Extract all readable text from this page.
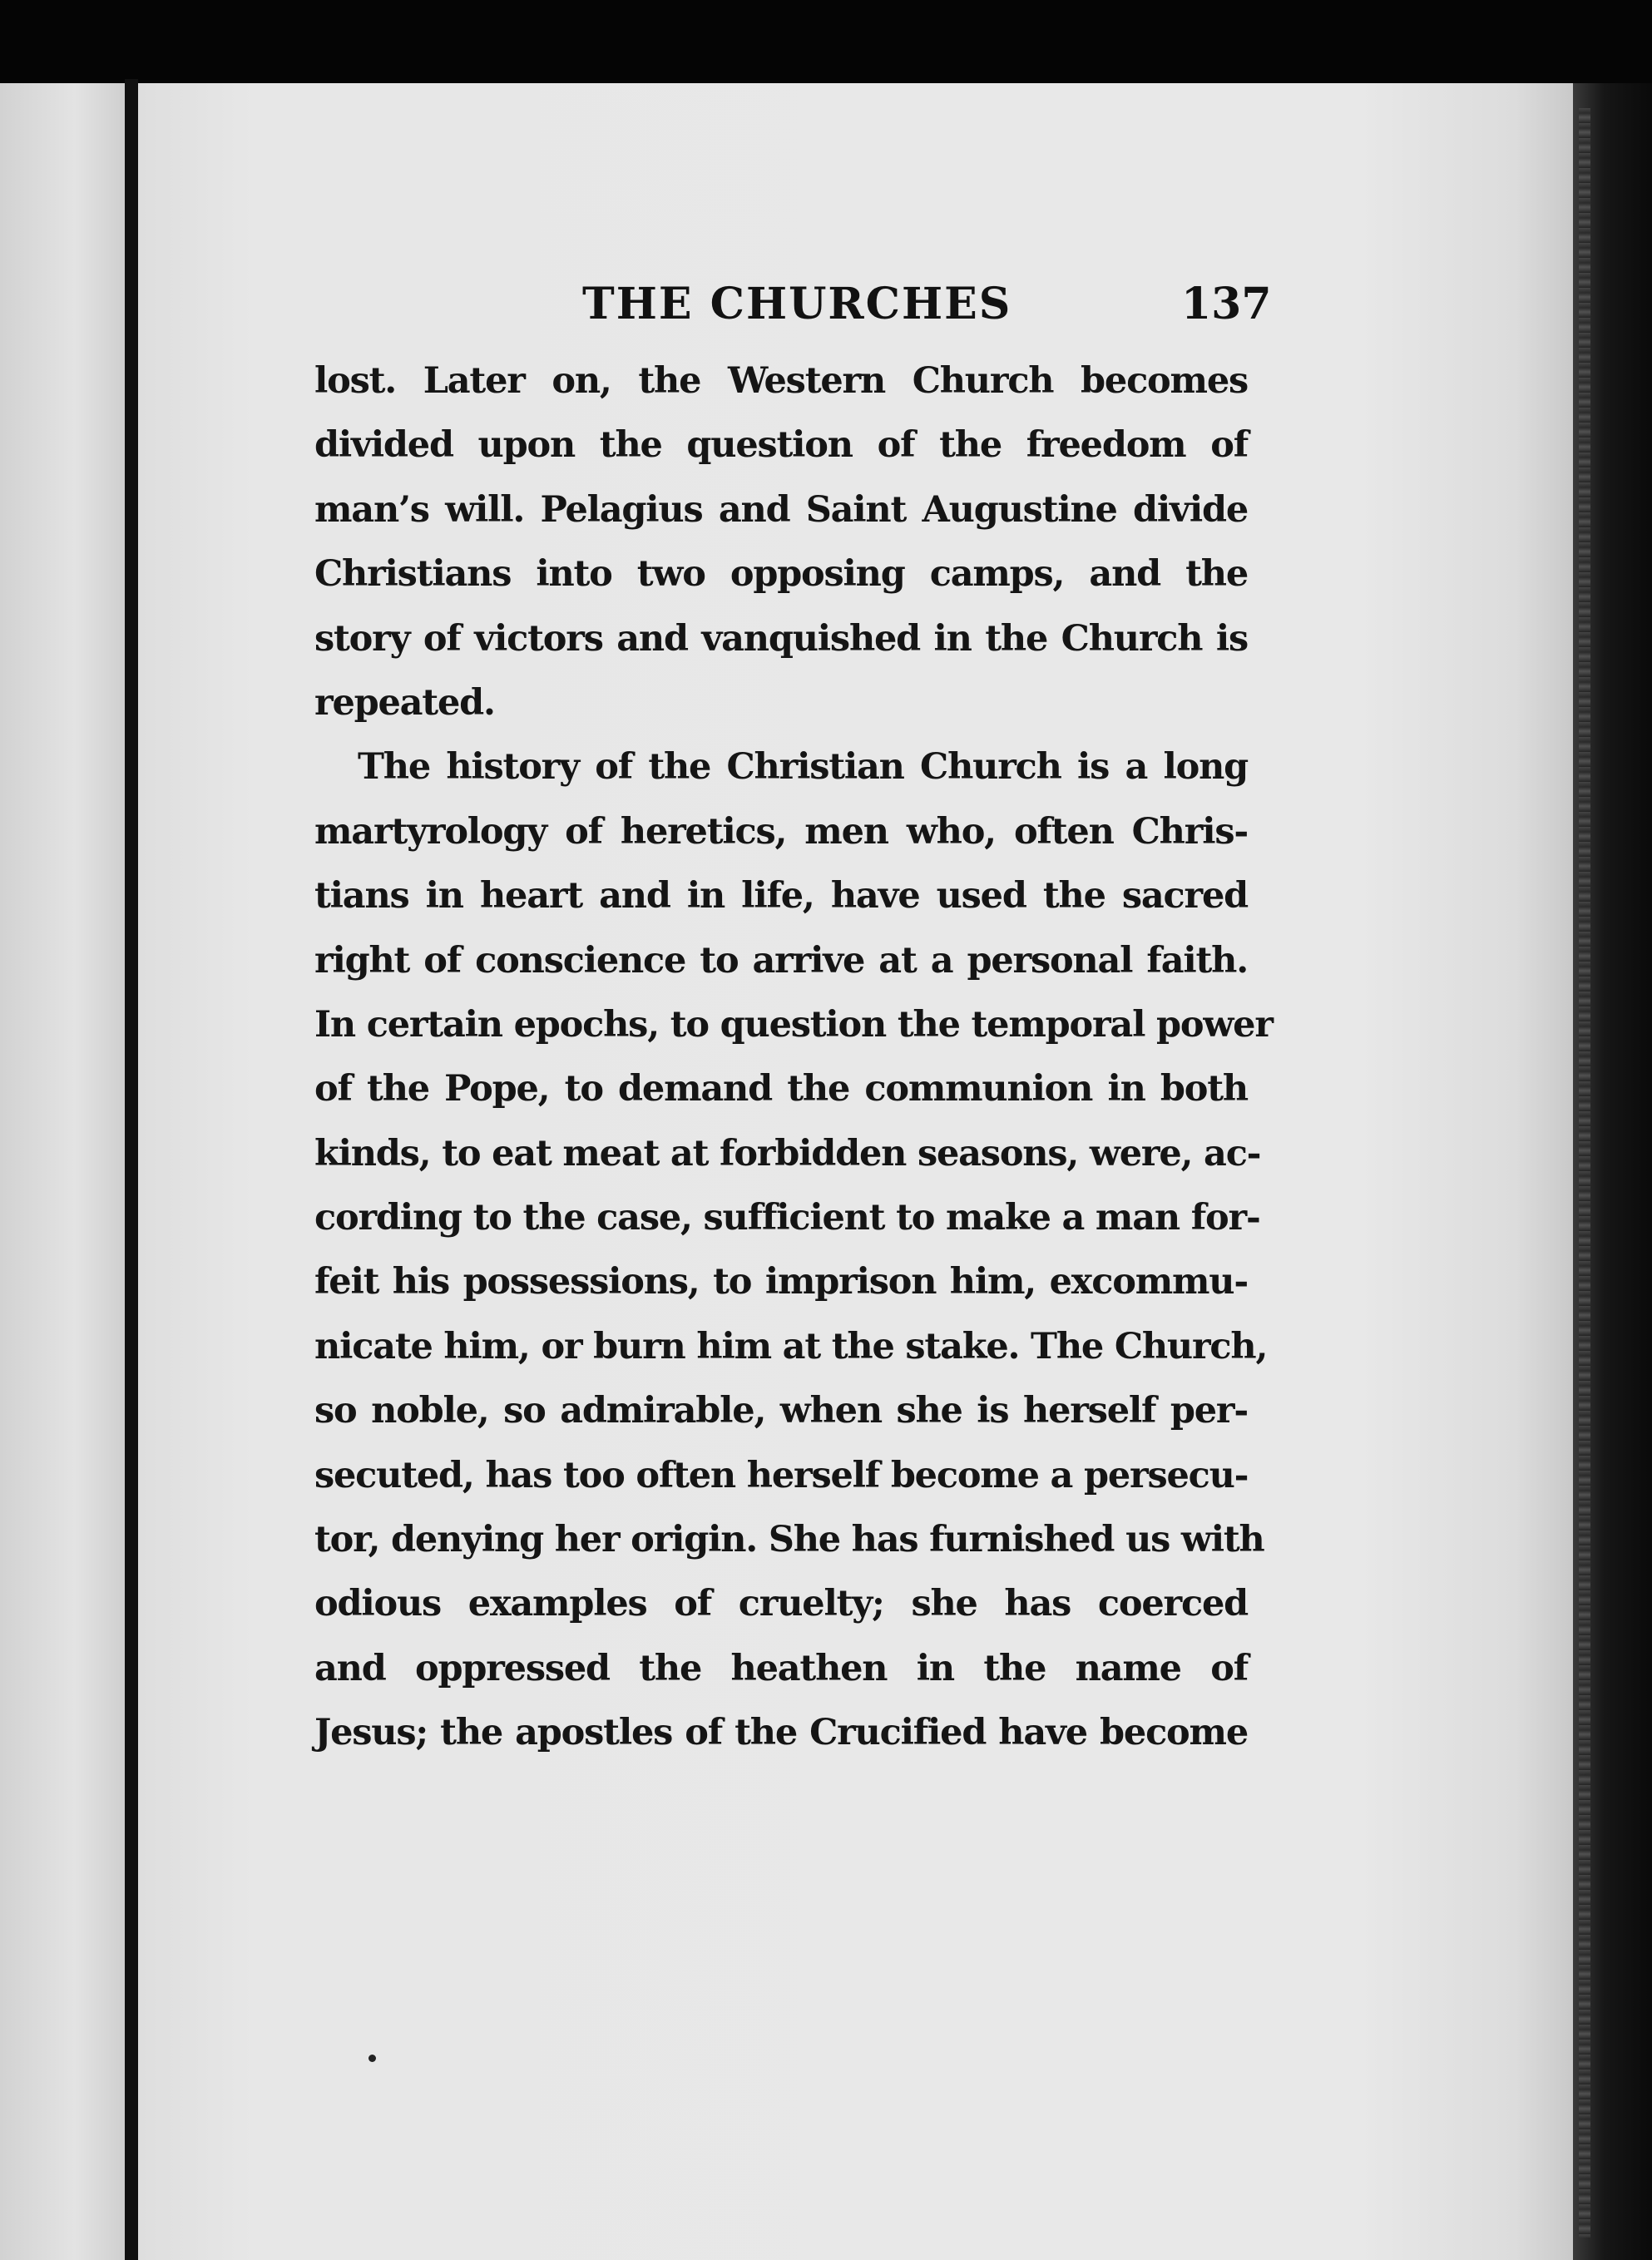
THE CHURCHES	137
lost. Later on, the Western Church becomes
divided upon the question of the freedom of
man’s will. Pelagius and Saint Augustine divide
Christians into two opposing camps, and the
story of victors and vanquished in the Church is
repeated.
The history of the Christian Church is a long
martyrology of heretics, men who, often Chris-
tians in heart and in life, have used the sacred
right of conscience to arrive at a personal faith.
In certain epochs, to question the temporal power
of the Pope, to demand the communion in both
kinds, to eat meat at forbidden seasons, were, ac-
cording to the case, sufficient to make a man for-
feit his possessions, to imprison him, excommu-
nicate him, or burn him at the stake. The Church,
so noble, so admirable, when she is herself per-
secuted, has too often herself become a persecu-
tor, denying her origin. She has furnished us with
odious examples of cruelty; she has coerced
and oppressed the heathen in the name of
Jesus; the apostles of the Crucified have become
